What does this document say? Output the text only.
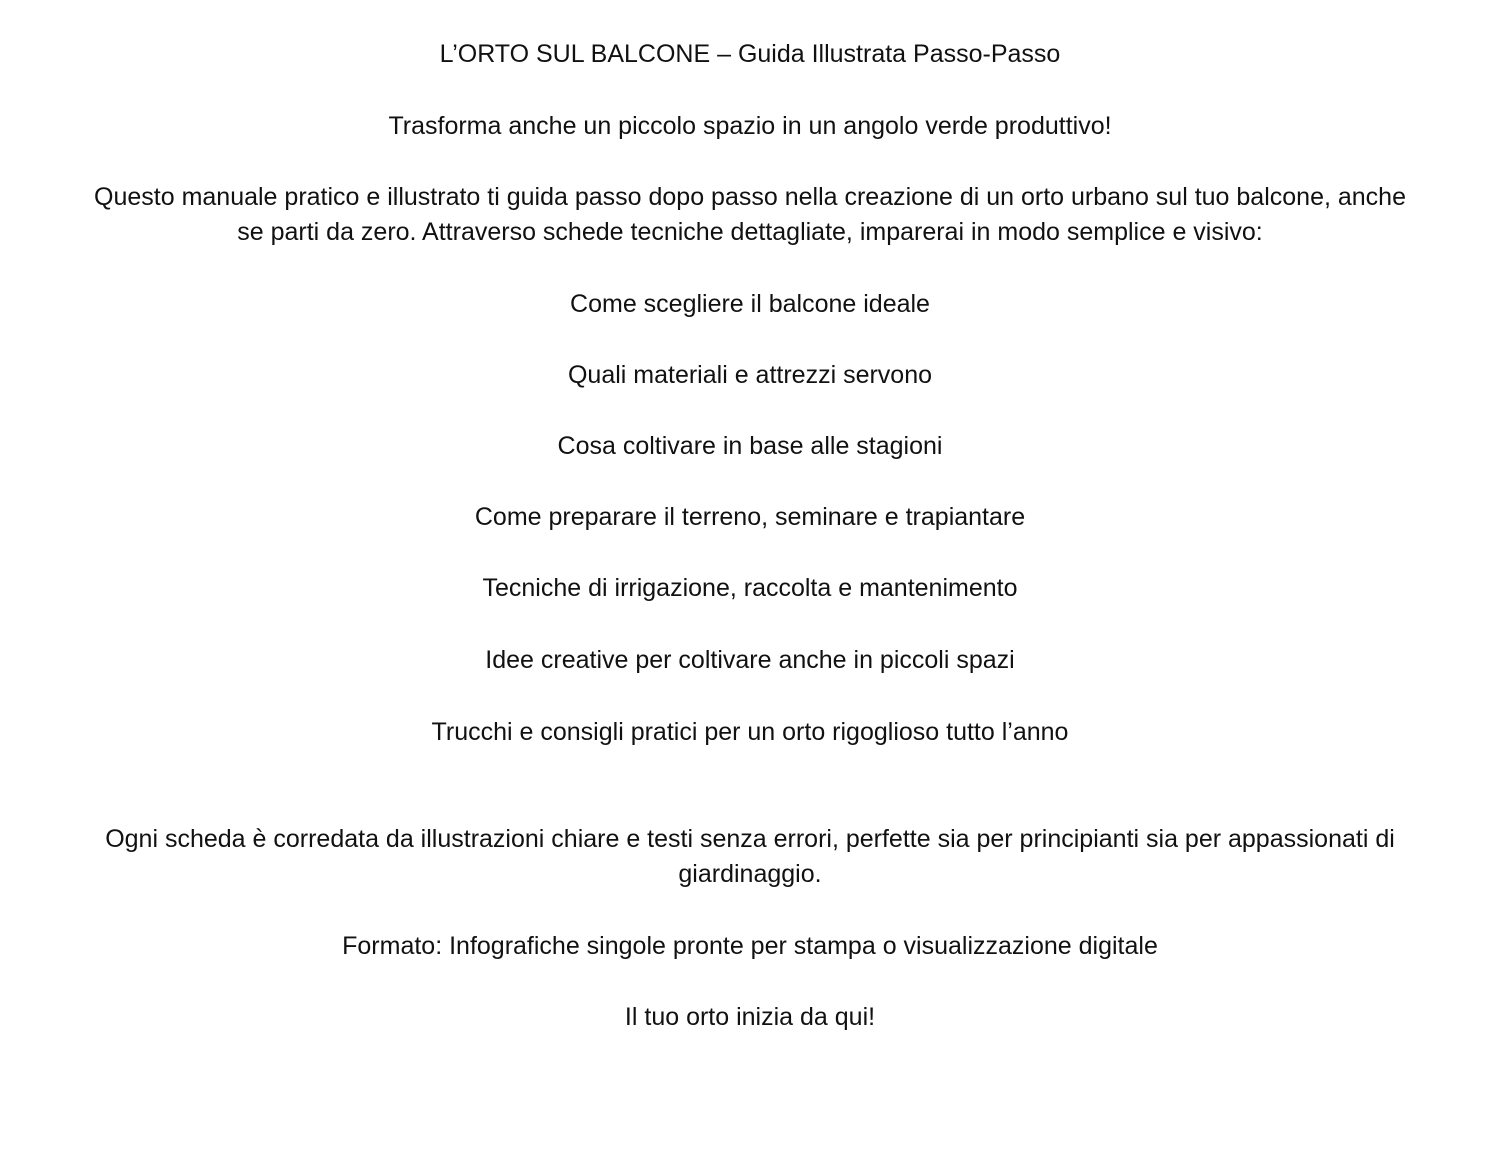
L’ORTO SUL BALCONE – Guida Illustrata Passo-Passo

Trasforma anche un piccolo spazio in un angolo verde produttivo!

Questo manuale pratico e illustrato ti guida passo dopo passo nella creazione di un orto urbano sul tuo balcone, anche

se parti da zero. Attraverso schede tecniche dettagliate, imparerai in modo semplice e visivo:

Come scegliere il balcone ideale

Quali materiali e attrezzi servono

Cosa coltivare in base alle stagioni

Come preparare il terreno, seminare e trapiantare

Tecniche di irrigazione, raccolta e mantenimento

Idee creative per coltivare anche in piccoli spazi

Trucchi e consigli pratici per un orto rigoglioso tutto l’anno

Ogni scheda è corredata da illustrazioni chiare e testi senza errori, perfette sia per principianti sia per appassionati di

giardinaggio.

Formato: Infografiche singole pronte per stampa o visualizzazione digitale

Il tuo orto inizia da qui!
